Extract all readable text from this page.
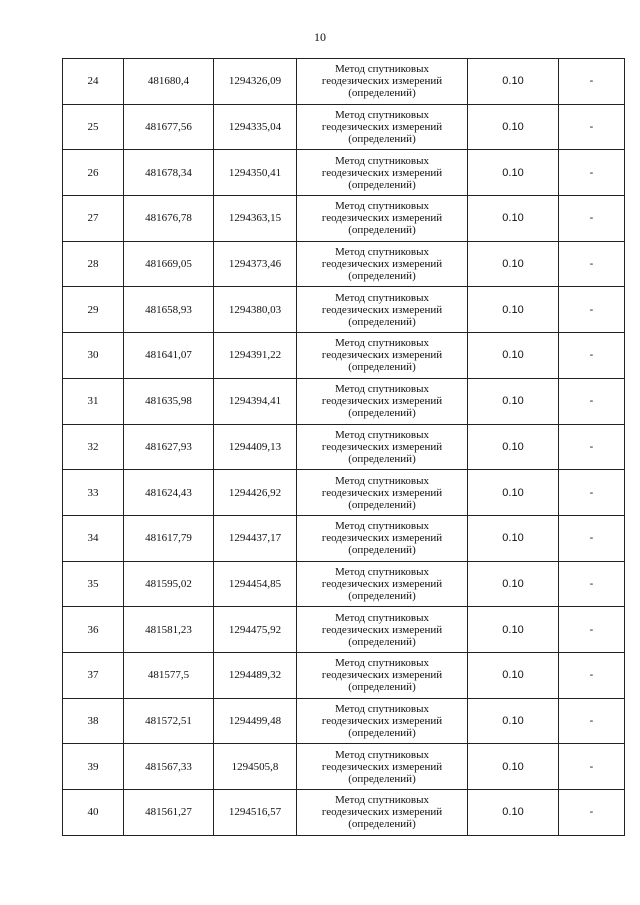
10
24	481680,4	1294326,09	Метод спутниковых
геодезических измерений
(определений)	0.10	-
25	481677,56	1294335,04	Метод спутниковых
геодезических измерений
(определений)	0.10	-
26	481678,34	1294350,41	Метод спутниковых
геодезических измерений
(определений)	0.10	-
27	481676,78	1294363,15	Метод спутниковых
геодезических измерений
(определений)	0.10	-
28	481669,05	1294373,46	Метод спутниковых
геодезических измерений
(определений)	0.10	-
29	481658,93	1294380,03	Метод спутниковых
геодезических измерений
(определений)	0.10	-
30	481641,07	1294391,22	Метод спутниковых
геодезических измерений
(определений)	0.10	-
31	481635,98	1294394,41	Метод спутниковых
геодезических измерений
(определений)	0.10	-
32	481627,93	1294409,13	Метод спутниковых
геодезических измерений
(определений)	0.10	-
33	481624,43	1294426,92	Метод спутниковых
геодезических измерений
(определений)	0.10	-
34	481617,79	1294437,17	Метод спутниковых
геодезических измерений
(определений)	0.10	-
35	481595,02	1294454,85	Метод спутниковых
геодезических измерений
(определений)	0.10	-
36	481581,23	1294475,92	Метод спутниковых
геодезических измерений
(определений)	0.10	-
37	481577,5	1294489,32	Метод спутниковых
геодезических измерений
(определений)	0.10	-
38	481572,51	1294499,48	Метод спутниковых
геодезических измерений
(определений)	0.10	-
39	481567,33	1294505,8	Метод спутниковых
геодезических измерений
(определений)	0.10	-
40	481561,27	1294516,57	Метод спутниковых
геодезических измерений
(определений)	0.10	-
